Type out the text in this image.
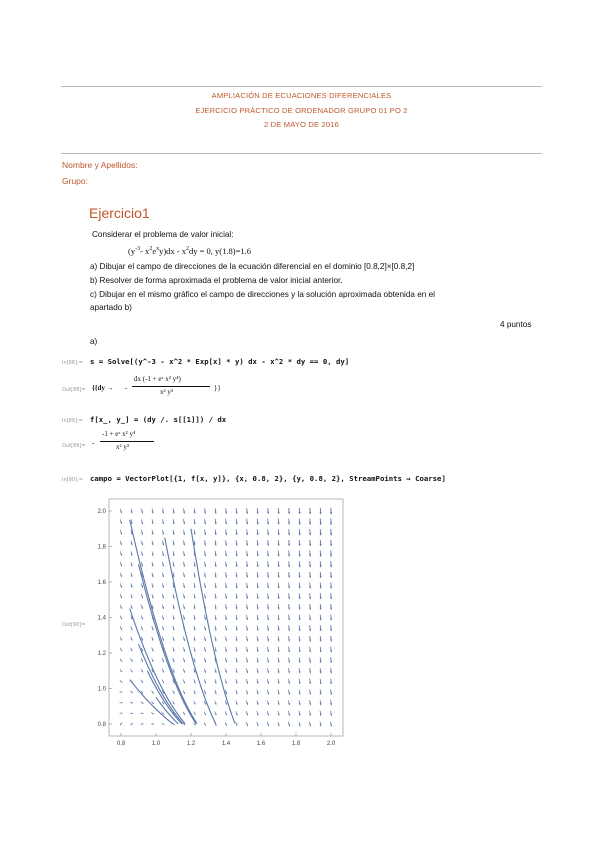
AMPLIACIÓN DE ECUACIONES DIFERENCIALES
EJERCICIO PRÁCTICO DE ORDENADOR GRUPO 01 PO 2
2 DE MAYO DE 2016
Nombre y Apellidos:
Grupo:
Ejercicio1
Considerar el problema de valor inicial:
($y^{-3}-$ $x^2e^xy)dx - x^2dy = 0$, y(1.8)=1.6
a) Dibujar el campo de direcciones de la ecuación diferencial en el dominio [0.8,2]×[0.8,2]
b) Resolver de forma aproximada el problema de valor inicial anterior.
c) Dibujar en el mismo gráfico el campo de direcciones y la solución aproximada obtenida en el
apartado b)
4 puntos
a)
In[88]:= s = Solve[(y^-3 - x^2 * Exp[x] * y) dx - x^2 * dy == 0, dy]
Out[88]= {{dy → -
dx (-1 + eˣ x² y⁴)
x² y³	}}
In[89]:= f[x_, y_] = (dy /. s[[1]]) / dx
Out[89]= -
-1 + eˣ x² y⁴
x² y³
In[90]:= campo = VectorPlot[{1, f[x, y]}, {x, 0.8, 2}, {y, 0.8, 2}, StreamPoints → Coarse]
Out[90]=
0.8	1.0	1.2	1.4	1.6	1.8	2.0
0.8
1.0
1.2
1.4
1.6
1.8
2.0
